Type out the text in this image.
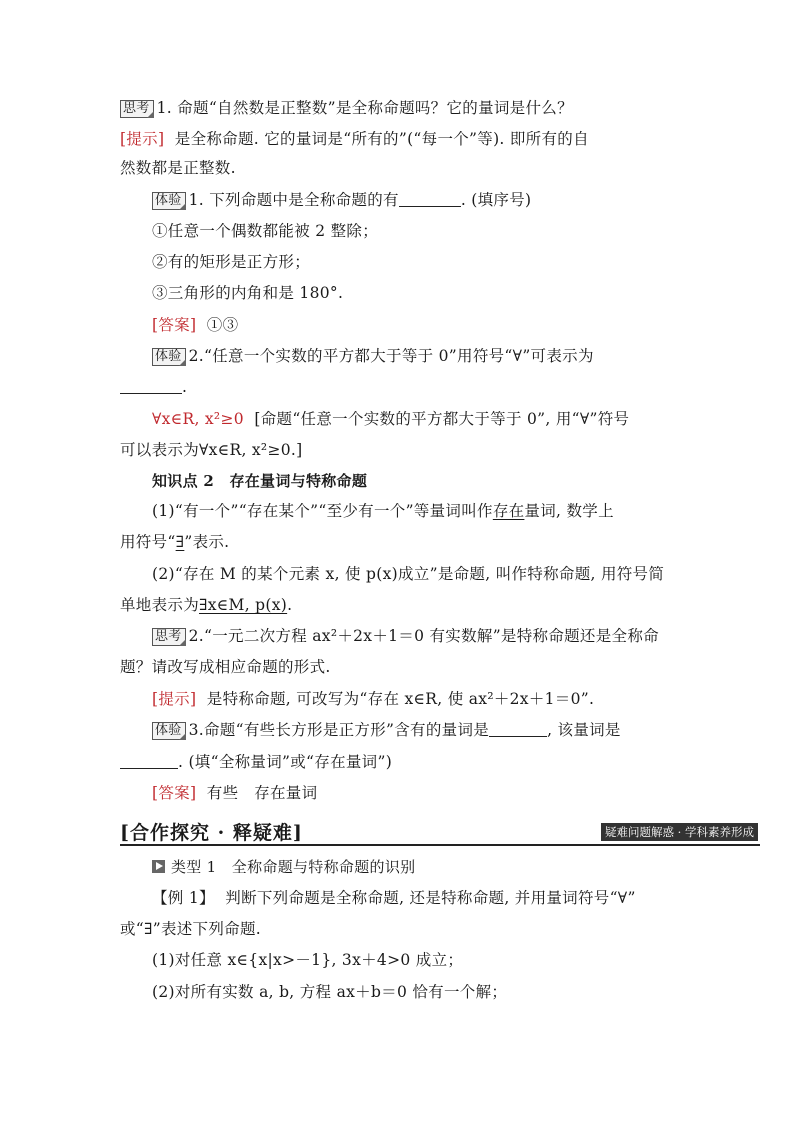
思考 1. 命题“自然数是正整数”是全称命题吗？它的量词是什么？
[提示] 是全称命题. 它的量词是“所有的”(“每一个”等). 即所有的自
然数都是正整数.
体验 1. 下列命题中是全称命题的有	. (填序号)
①任意一个偶数都能被 2 整除；
②有的矩形是正方形；
③三角形的内角和是 180°.
[答案] ①③
体验 2.“任意一个实数的平方都大于等于 0”用符号“∀”可表示为
.
∀x∈R, x²≥0 [命题“任意一个实数的平方都大于等于 0”, 用“∀”符号
可以表示为∀x∈R, x²≥0.]
知识点 2　存在量词与特称命题
(1)“有一个”“存在某个”“至少有一个”等量词叫作存在量词, 数学上
用符号“∃”表示.
(2)“存在 M 的某个元素 x, 使 p(x)成立”是命题, 叫作特称命题, 用符号简
单地表示为∃x∈M, p(x).
思考 2.“一元二次方程 ax²＋2x＋1＝0 有实数解”是特称命题还是全称命
题？请改写成相应命题的形式.
[提示] 是特称命题, 可改写为“存在 x∈R, 使 ax²＋2x＋1＝0”.
体验 3.命题“有些长方形是正方形”含有的量词是	, 该量词是
. (填“全称量词”或“存在量词”)
[答案] 有些　存在量词
[合作探究 · 释疑难]	疑难问题解惑 · 学科素养形成
类型 1　全称命题与特称命题的识别
【例 1】 判断下列命题是全称命题, 还是特称命题, 并用量词符号“∀”
或“∃”表述下列命题.
(1)对任意 x∈{x|x>－1}, 3x＋4>0 成立；
(2)对所有实数 a, b, 方程 ax＋b＝0 恰有一个解；
